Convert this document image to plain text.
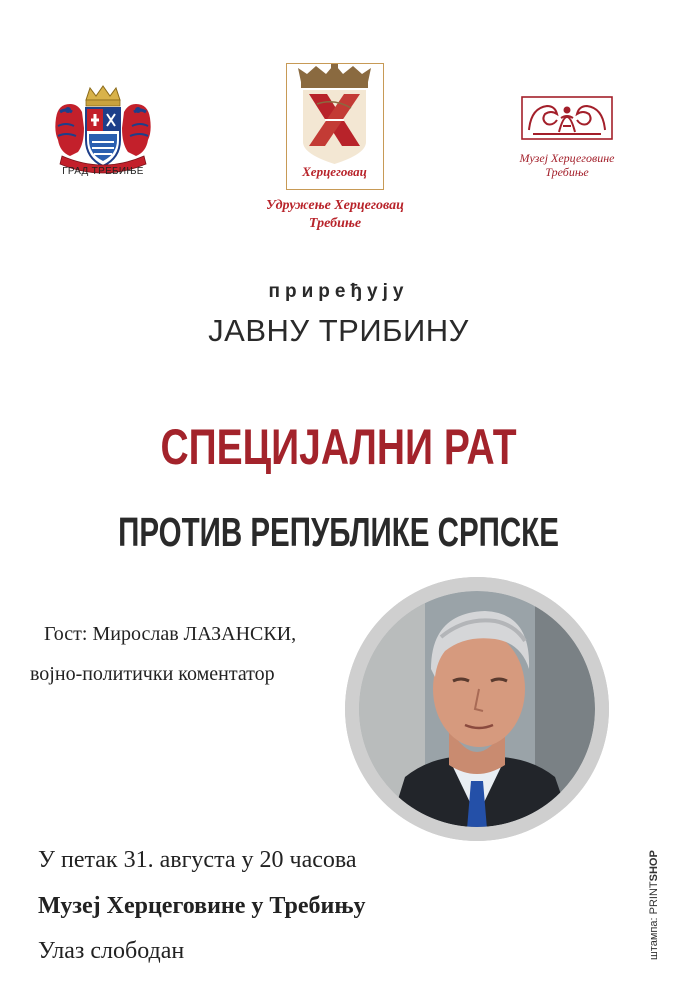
ГРАД ТРЕБИЊЕ	Херцеговац
Удружење Херцеговац
Требиње
Музеј Херцеговине
Требиње
приређују
ЈАВНУ ТРИБИНУ
СПЕЦИЈАЛНИ РАТ
ПРОТИВ РЕПУБЛИКЕ СРПСКЕ
Гост: Мирослав ЛАЗАНСКИ,
војно-политички коментатор
У петак 31. августа у 20 часова
Музеј Херцеговине у Требињу
Улаз слободан	штампа: PRINTSHOP
